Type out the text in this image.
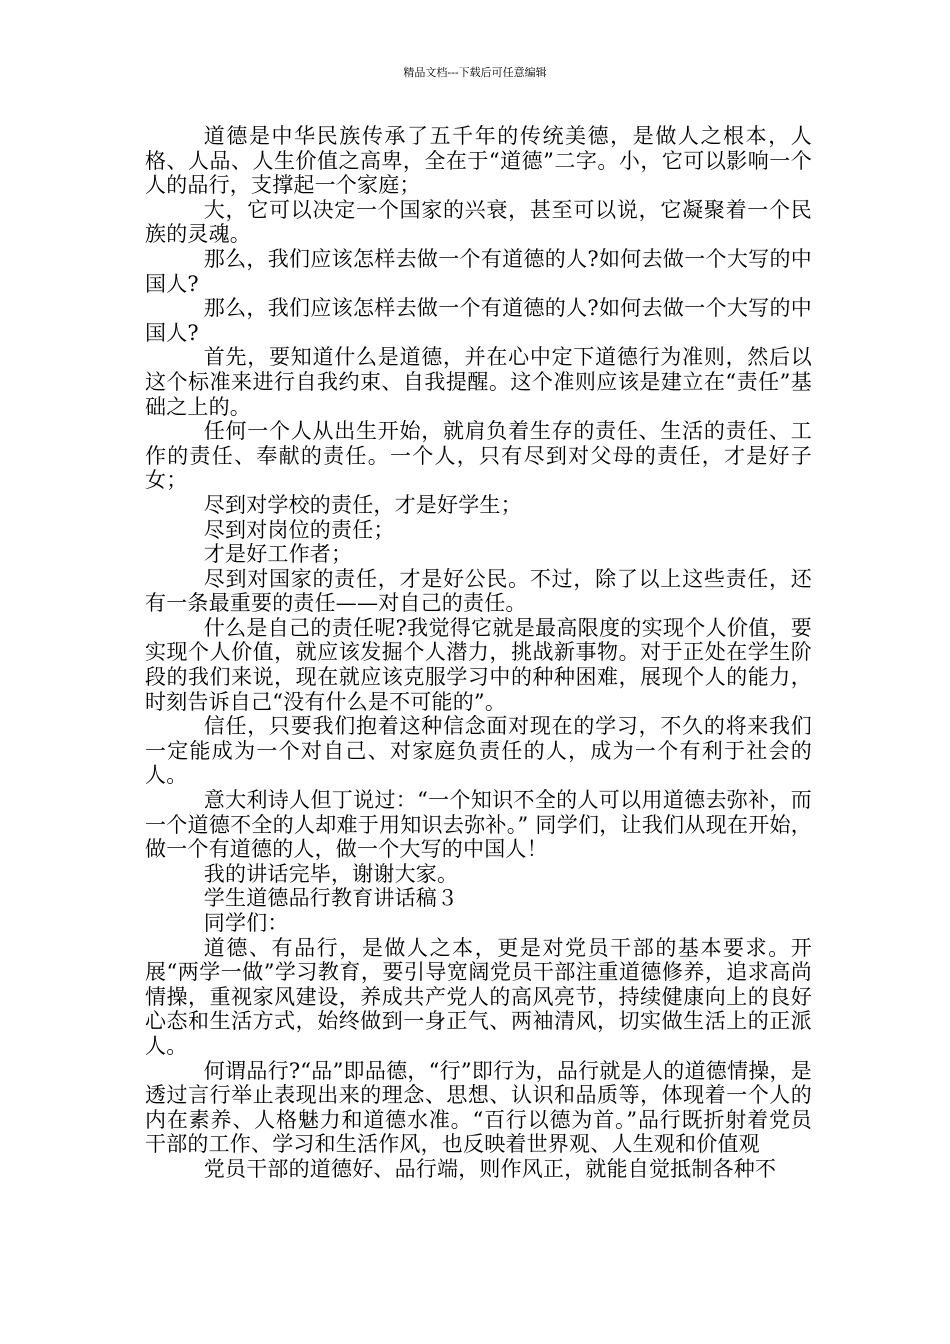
精品文档---下载后可任意编辑

道德是中华民族传承了五千年的传统美德，是做人之根本，人格、人品、人生价值之高卑，全在于“道德”二字。小，它可以影响一个人的品行，支撑起一个家庭；

大，它可以决定一个国家的兴衰，甚至可以说，它凝聚着一个民族的灵魂。

那么，我们应该怎样去做一个有道德的人?如何去做一个大写的中国人?

那么，我们应该怎样去做一个有道德的人?如何去做一个大写的中国人?

首先，要知道什么是道德，并在心中定下道德行为准则，然后以这个标准来进行自我约束、自我提醒。这个准则应该是建立在“责任”基础之上的。

任何一个人从出生开始，就肩负着生存的责任、生活的责任、工作的责任、奉献的责任。一个人，只有尽到对父母的责任，才是好子女；

尽到对学校的责任，才是好学生；

尽到对岗位的责任；

才是好工作者；

尽到对国家的责任，才是好公民。不过，除了以上这些责任，还有一条最重要的责任——对自己的责任。

什么是自己的责任呢?我觉得它就是最高限度的实现个人价值，要实现个人价值，就应该发掘个人潜力，挑战新事物。对于正处在学生阶段的我们来说，现在就应该克服学习中的种种困难，展现个人的能力，时刻告诉自己“没有什么是不可能的”。

信任，只要我们抱着这种信念面对现在的学习，不久的将来我们一定能成为一个对自己、对家庭负责任的人，成为一个有利于社会的人。

意大利诗人但丁说过：“一个知识不全的人可以用道德去弥补，而一个道德不全的人却难于用知识去弥补。” 同学们，让我们从现在开始，做一个有道德的人，做一个大写的中国人！

我的讲话完毕，谢谢大家。

学生道德品行教育讲话稿３

同学们：

道德、有品行，是做人之本，更是对党员干部的基本要求。开展“两学一做”学习教育，要引导宽阔党员干部注重道德修养，追求高尚情操，重视家风建设，养成共产党人的高风亮节，持续健康向上的良好心态和生活方式，始终做到一身正气、两袖清风，切实做生活上的正派人。

何谓品行?“品”即品德，“行”即行为，品行就是人的道德情操，是透过言行举止表现出来的理念、思想、认识和品质等，体现着一个人的内在素养、人格魅力和道德水准。“百行以德为首。”品行既折射着党员干部的工作、学习和生活作风，也反映着世界观、人生观和价值观

党员干部的道德好、品行端，则作风正，就能自觉抵制各种不
